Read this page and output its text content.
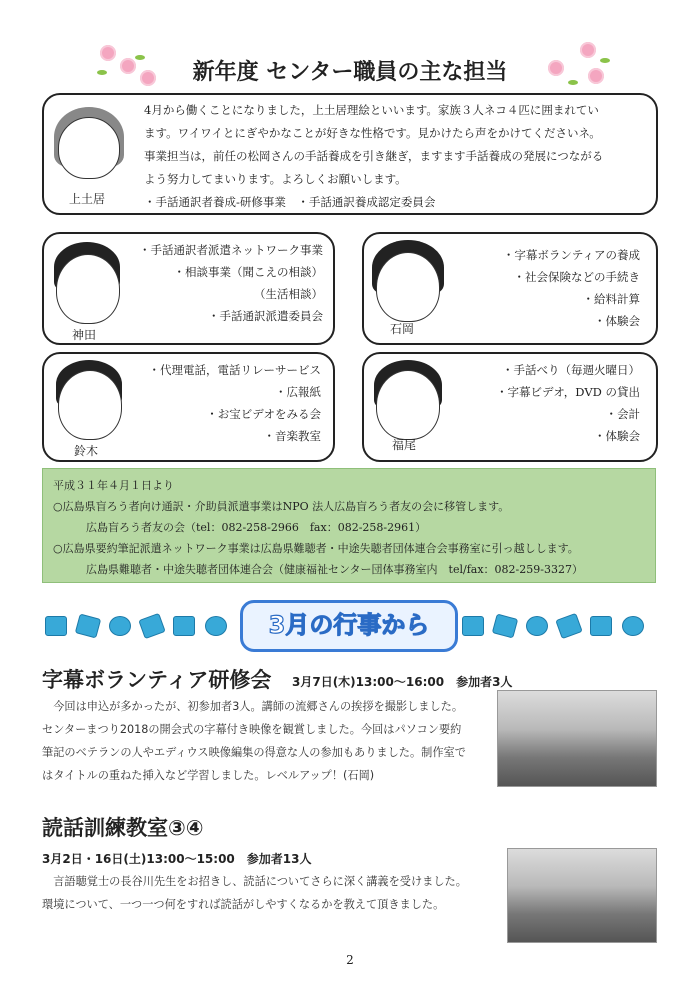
新年度 センター職員の主な担当
上土居
4月から働くことになりました，上土居理絵といいます。家族３人ネコ４匹に囲まれてい
ます。ワイワイとにぎやかなことが好きな性格です。見かけたら声をかけてくださいネ。
事業担当は，前任の松岡さんの手話養成を引き継ぎ，ますます手話養成の発展につながる
よう努力してまいります。よろしくお願いします。
・手話通訳者養成-研修事業　・手話通訳養成認定委員会
神田
・手話通訳者派遣ネットワーク事業
・相談事業（聞こえの相談）
（生活相談）
・手話通訳派遣委員会
石岡
・字幕ボランティアの養成
・社会保険などの手続き
・給料計算
・体験会
鈴木
・代理電話，電話リレーサービス
・広報紙
・お宝ビデオをみる会
・音楽教室
福尾
・手話べり（毎週火曜日）
・字幕ビデオ，DVD の貸出
・会計
・体験会
平成３１年４月１日より
○広島県盲ろう者向け通訳・介助員派遣事業はNPO 法人広島盲ろう者友の会に移管します。
　広島盲ろう者友の会（tel：082-258-2966　fax：082-258-2961）
○広島県要約筆記派遣ネットワーク事業は広島県難聴者・中途失聴者団体連合会事務室に引っ越しします。
　広島県難聴者・中途失聴者団体連合会（健康福祉センター団体事務室内　tel/fax：082-259-3327）
3月の行事から
字幕ボランティア研修会 3月7日(木)13:00～16:00　参加者3人
　今回は申込が多かったが、初参加者3人。講師の流郷さんの挨拶を撮影しました。
センターまつり2018の開会式の字幕付き映像を観賞しました。今回はパソコン要約
筆記のベテランの人やエディウス映像編集の得意な人の参加もありました。制作室で
はタイトルの重ねた挿入など学習しました。レベルアップ！(石岡)
読話訓練教室③④
3月2日・16日(土)13:00～15:00　参加者13人
　言語聴覚士の長谷川先生をお招きし、読話についてさらに深く講義を受けました。
環境について、一つ一つ何をすれば読話がしやすくなるかを教えて頂きました。
2
